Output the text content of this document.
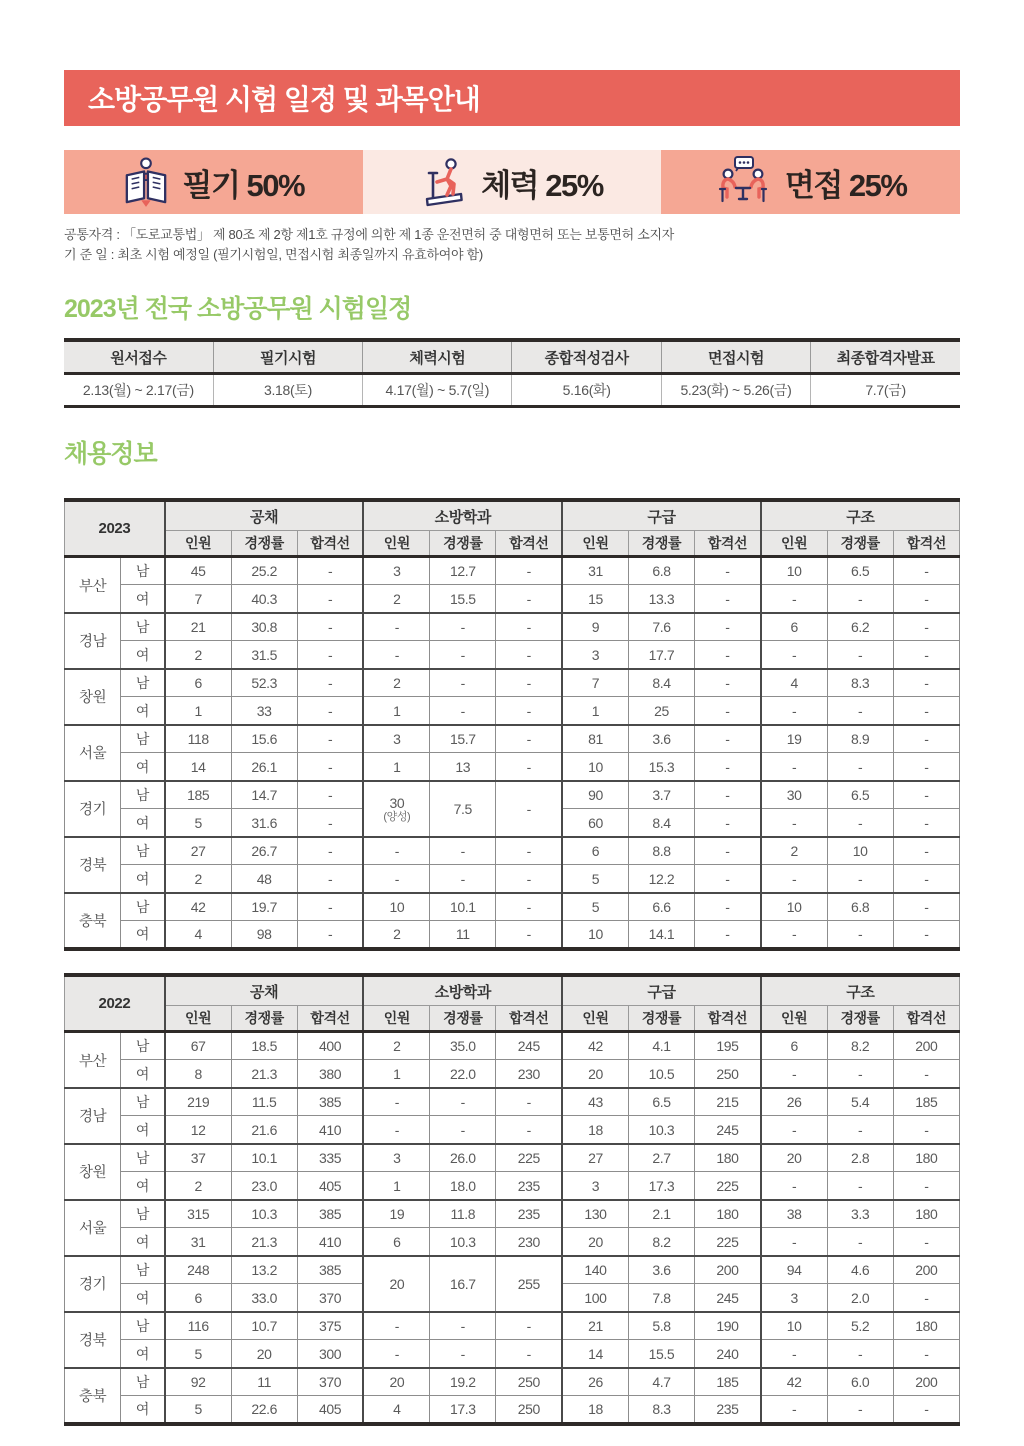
소방공무원 시험 일정 및 과목안내
필기 50%	체력 25%	면접 25%
공통자격 : 「도로교통법」 제 80조 제 2항 제1호 규정에 의한 제 1종 운전면허 중 대형면허 또는 보통면허 소지자
기 준 일 : 최초 시험 예정일 (필기시험일, 면접시험 최종일까지 유효하여야 함)
2023년 전국 소방공무원 시험일정
원서접수	필기시험	체력시험	종합적성검사	면접시험	최종합격자발표
2.13(월) ~ 2.17(금)	3.18(토)	4.17(월) ~ 5.7(일)	5.16(화)	5.23(화) ~ 5.26(금)	7.7(금)
채용정보
2023		공채			소방학과			구급			구조		
		인원	경쟁률	합격선	인원	경쟁률	합격선	인원	경쟁률	합격선	인원	경쟁률	합격선
부산	남	45	25.2	-	3	12.7	-	31	6.8	-	10	6.5	-
	여	7	40.3	-	2	15.5	-	15	13.3	-	-	-	-
경남	남	21	30.8	-	-	-	-	9	7.6	-	6	6.2	-
	여	2	31.5	-	-	-	-	3	17.7	-	-	-	-
창원	남	6	52.3	-	2	-	-	7	8.4	-	4	8.3	-
	여	1	33	-	1	-	-	1	25	-	-	-	-
서울	남	118	15.6	-	3	15.7	-	81	3.6	-	19	8.9	-
	여	14	26.1	-	1	13	-	10	15.3	-	-	-	-
경기	남	185	14.7	-	30
(양성)	7.5	-	90	3.7	-	30	6.5	-
	여	5	31.6	-				60	8.4	-	-	-	-
경북	남	27	26.7	-	-	-	-	6	8.8	-	2	10	-
	여	2	48	-	-	-	-	5	12.2	-	-	-	-
충북	남	42	19.7	-	10	10.1	-	5	6.6	-	10	6.8	-
	여	4	98	-	2	11	-	10	14.1	-	-	-	-
2022		공채			소방학과			구급			구조		
		인원	경쟁률	합격선	인원	경쟁률	합격선	인원	경쟁률	합격선	인원	경쟁률	합격선
부산	남	67	18.5	400	2	35.0	245	42	4.1	195	6	8.2	200
	여	8	21.3	380	1	22.0	230	20	10.5	250	-	-	-
경남	남	219	11.5	385	-	-	-	43	6.5	215	26	5.4	185
	여	12	21.6	410	-	-	-	18	10.3	245	-	-	-
창원	남	37	10.1	335	3	26.0	225	27	2.7	180	20	2.8	180
	여	2	23.0	405	1	18.0	235	3	17.3	225	-	-	-
서울	남	315	10.3	385	19	11.8	235	130	2.1	180	38	3.3	180
	여	31	21.3	410	6	10.3	230	20	8.2	225	-	-	-
경기	남	248	13.2	385	20	16.7	255	140	3.6	200	94	4.6	200
	여	6	33.0	370				100	7.8	245	3	2.0	-
경북	남	116	10.7	375	-	-	-	21	5.8	190	10	5.2	180
	여	5	20	300	-	-	-	14	15.5	240	-	-	-
충북	남	92	11	370	20	19.2	250	26	4.7	185	42	6.0	200
	여	5	22.6	405	4	17.3	250	18	8.3	235	-	-	-
